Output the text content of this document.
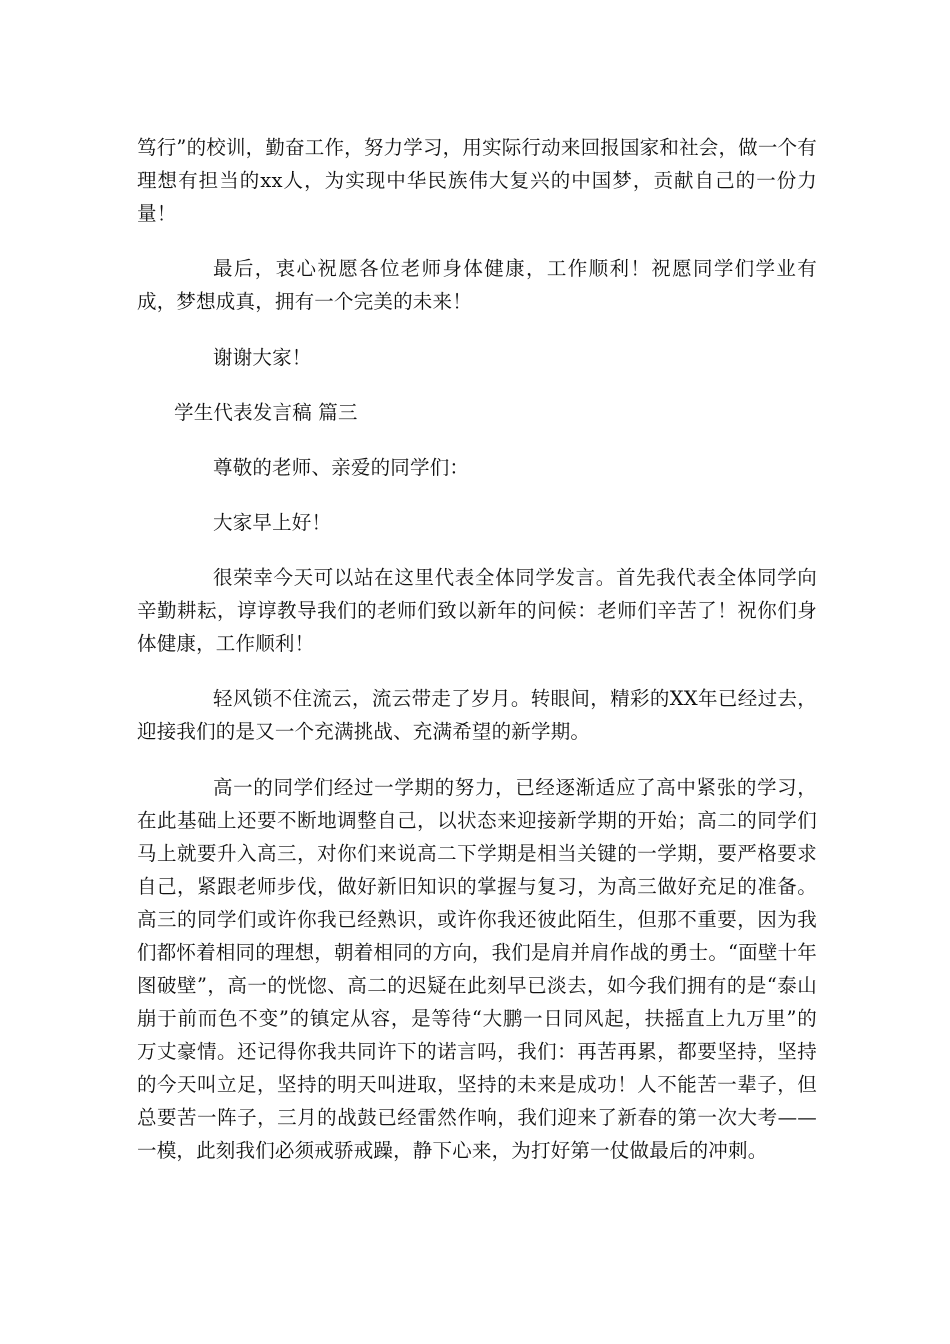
笃行”的校训，勤奋工作，努力学习，用实际行动来回报国家和社会，做一个有理想有担当的xx人，为实现中华民族伟大复兴的中国梦，贡献自己的一份力量！

最后，衷心祝愿各位老师身体健康，工作顺利！祝愿同学们学业有成，梦想成真，拥有一个完美的未来！

谢谢大家！

学生代表发言稿 篇三

尊敬的老师、亲爱的同学们：

大家早上好！

很荣幸今天可以站在这里代表全体同学发言。首先我代表全体同学向辛勤耕耘，谆谆教导我们的老师们致以新年的问候：老师们辛苦了！祝你们身体健康，工作顺利！

轻风锁不住流云，流云带走了岁月。转眼间，精彩的XX年已经过去，迎接我们的是又一个充满挑战、充满希望的新学期。

高一的同学们经过一学期的努力，已经逐渐适应了高中紧张的学习，在此基础上还要不断地调整自己，以状态来迎接新学期的开始；高二的同学们马上就要升入高三，对你们来说高二下学期是相当关键的一学期，要严格要求自己，紧跟老师步伐，做好新旧知识的掌握与复习，为高三做好充足的准备。高三的同学们或许你我已经熟识，或许你我还彼此陌生，但那不重要，因为我们都怀着相同的理想，朝着相同的方向，我们是肩并肩作战的勇士。“面壁十年图破壁”，高一的恍惚、高二的迟疑在此刻早已淡去，如今我们拥有的是“泰山崩于前而色不变”的镇定从容，是等待“大鹏一日同风起，扶摇直上九万里”的万丈豪情。还记得你我共同许下的诺言吗，我们：再苦再累，都要坚持，坚持的今天叫立足，坚持的明天叫进取，坚持的未来是成功！人不能苦一辈子，但总要苦一阵子，三月的战鼓已经雷然作响，我们迎来了新春的第一次大考——一模，此刻我们必须戒骄戒躁，静下心来，为打好第一仗做最后的冲刺。
